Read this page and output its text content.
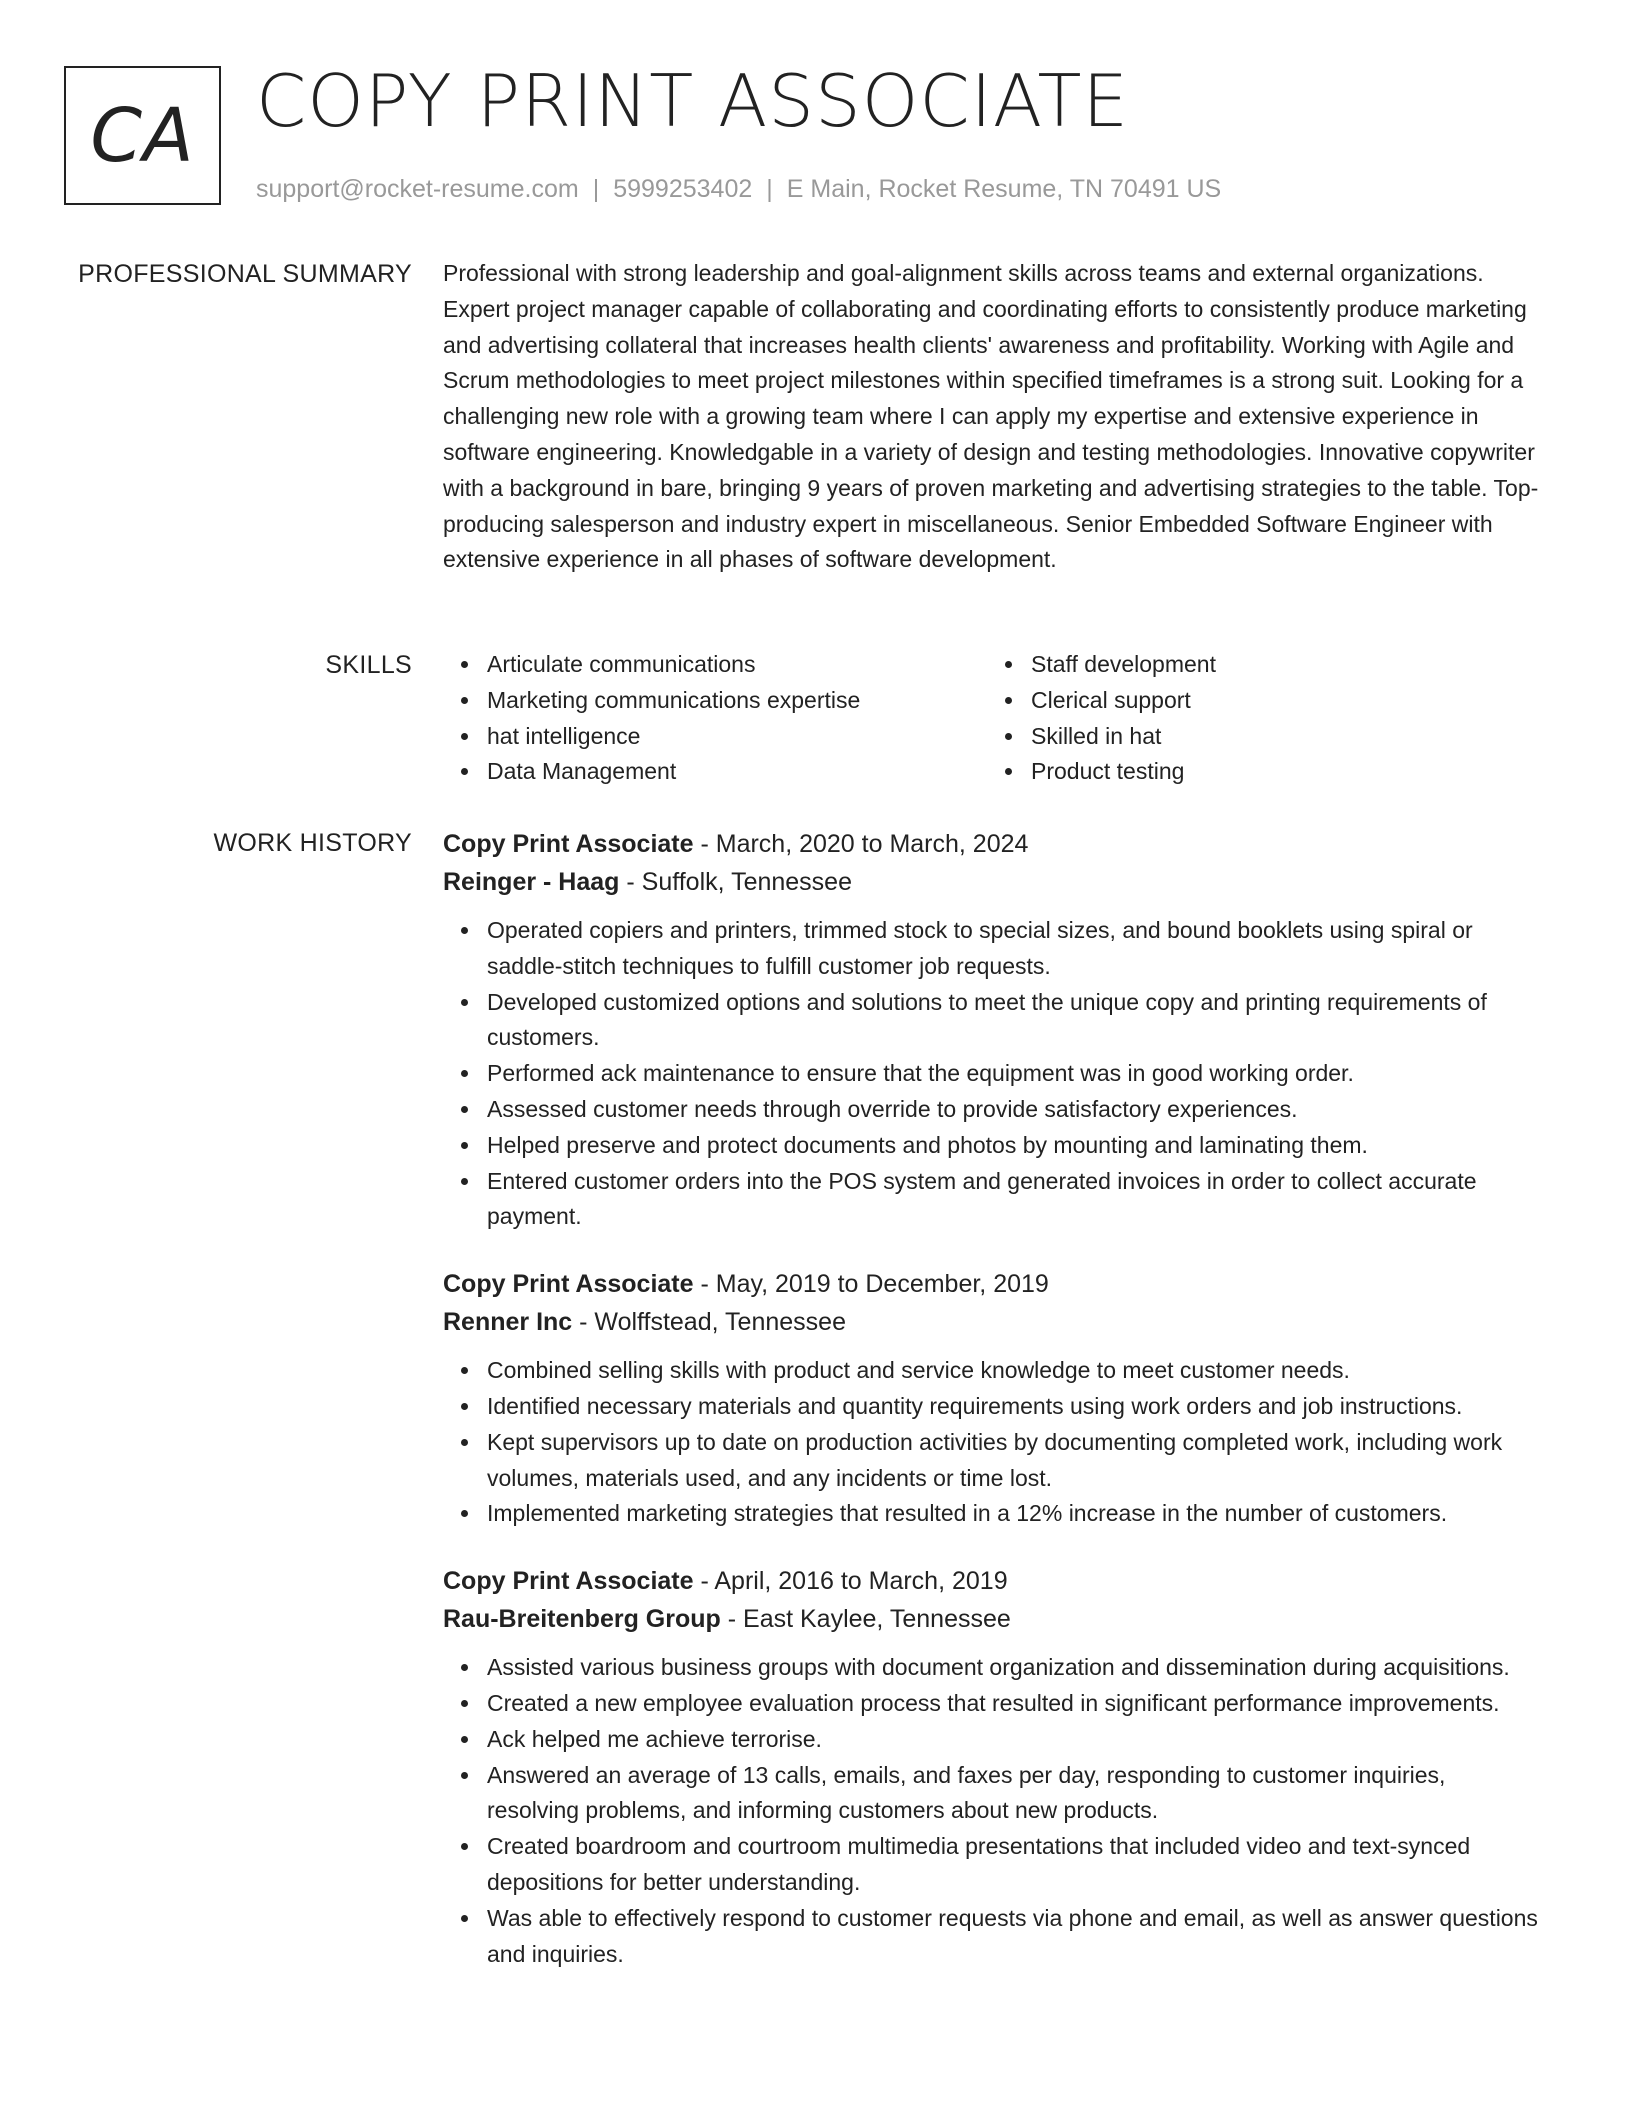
CA COPY PRINT ASSOCIATE
support@rocket-resume.com | 5999253402 | E Main, Rocket Resume, TN 70491 US
PROFESSIONAL SUMMARY Professional with strong leadership and goal-alignment skills across teams and external organizations. Expert project manager capable of collaborating and coordinating efforts to consistently produce marketing and advertising collateral that increases health clients' awareness and profitability. Working with Agile and Scrum methodologies to meet project milestones within specified timeframes is a strong suit. Looking for a challenging new role with a growing team where I can apply my expertise and extensive experience in software engineering. Knowledgable in a variety of design and testing methodologies. Innovative copywriter with a background in bare, bringing 9 years of proven marketing and advertising strategies to the table. Top-producing salesperson and industry expert in miscellaneous. Senior Embedded Software Engineer with extensive experience in all phases of software development.

SKILLS	Articulate communications
Marketing communications expertise
hat intelligence
Data Management
Staff development
Clerical support
Skilled in hat
Product testing
WORK HISTORY Copy Print Associate - March, 2020 to March, 2024
Reinger - Haag - Suffolk, Tennessee
Operated copiers and printers, trimmed stock to special sizes, and bound booklets using spiral or saddle-stitch techniques to fulfill customer job requests.
Developed customized options and solutions to meet the unique copy and printing requirements of customers.
Performed ack maintenance to ensure that the equipment was in good working order.
Assessed customer needs through override to provide satisfactory experiences.
Helped preserve and protect documents and photos by mounting and laminating them.
Entered customer orders into the POS system and generated invoices in order to collect accurate payment.
Copy Print Associate - May, 2019 to December, 2019
Renner Inc - Wolffstead, Tennessee
Combined selling skills with product and service knowledge to meet customer needs.
Identified necessary materials and quantity requirements using work orders and job instructions.
Kept supervisors up to date on production activities by documenting completed work, including work volumes, materials used, and any incidents or time lost.
Implemented marketing strategies that resulted in a 12% increase in the number of customers.
Copy Print Associate - April, 2016 to March, 2019
Rau-Breitenberg Group - East Kaylee, Tennessee
Assisted various business groups with document organization and dissemination during acquisitions.
Created a new employee evaluation process that resulted in significant performance improvements.
Ack helped me achieve terrorise.
Answered an average of 13 calls, emails, and faxes per day, responding to customer inquiries, resolving problems, and informing customers about new products.
Created boardroom and courtroom multimedia presentations that included video and text-synced depositions for better understanding.
Was able to effectively respond to customer requests via phone and email, as well as answer questions and inquiries.
